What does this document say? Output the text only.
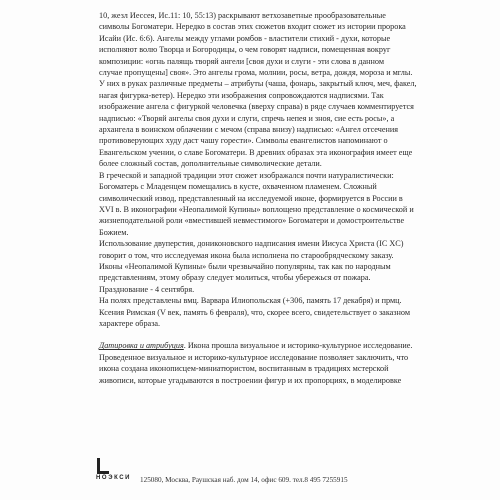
10, жезл Иессея, Ис.11: 10, 55:13) раскрывают ветхозаветные прообразовательные

символы Богоматери. Нередко в состав этих сюжетов входит сюжет из истории пророка

Исайи (Ис. 6:6). Ангелы между углами ромбов - властители стихий - духи, которые

исполняют волю Творца и Богородицы, о чем говорят надписи, помещенная вокруг

композиции: «огнь палящь творяй ангели [своя духи и слуги - эти слова в данном

случае пропущены] своя». Это ангелы грома, молнии, росы, ветра, дождя, мороза и мглы.

У них в руках различные предметы – атрибуты (чаша, фонарь, закрытый ключ, меч, факел,

нагая фигурка-ветер). Нередко эти изображения сопровождаются надписями. Так

изображение ангела с фигуркой человечка (вверху справа) в ряде случаев комментируется

надписью: «Творяй ангелы своя духи и слуги, спречь непея и зноя, сие есть росы», а

архангела в воинском облачении с мечом (справа внизу) надписью: «Ангел отсечения

противоверующих худу даст чашу горести». Символы евангелистов напоминают о

Евангельском учении, о славе Богоматери. В древних образах эта иконография имеет еще

более сложный состав, дополнительные символические детали.

В греческой и западной традиции этот сюжет изображался почти натуралистически:

Богоматерь с Младенцем помещались в кусте, охваченном пламенем. Сложный

символический извод, представленный на исследуемой иконе, формируется в России в

XVI в. В иконографии «Неопалимой Купины» воплощено представление о космической и

жизнеподательной роли «вместившей невместимого» Богоматери и домостроительстве

Божием.

Использование двуперстия, дониконовского надписания имени Иисуса Христа (IC XC)

говорит о том, что исследуемая икона была исполнена по старообрядческому заказу.

Иконы «Неопалимой Купины» были чрезвычайно популярны, так как по народным

представлениям, этому образу следует молиться, чтобы убережься от пожара.

Празднование - 4 сентября.

На полях представлены вмц. Варвара Илиопольская (+306, память 17 декабря) и прмц.

Ксения Римская (V век, память 6 февраля), что, скорее всего, свидетельствует о заказном

характере образа.

Датировка и атрибуция. Икона прошла визуальное и историко-культурное исследование.

Проведенное визуальное и историко-культурное исследование позволяет заключить, что

икона создана иконописцем-миниатюристом, воспитанным в традициях мстерской

живописи, которые угадываются в построении фигур и их пропорциях, в моделировке

НОЭКСИ 125080, Москва, Раушская наб. дом 14, офис 609. тел.8 495 7255915
